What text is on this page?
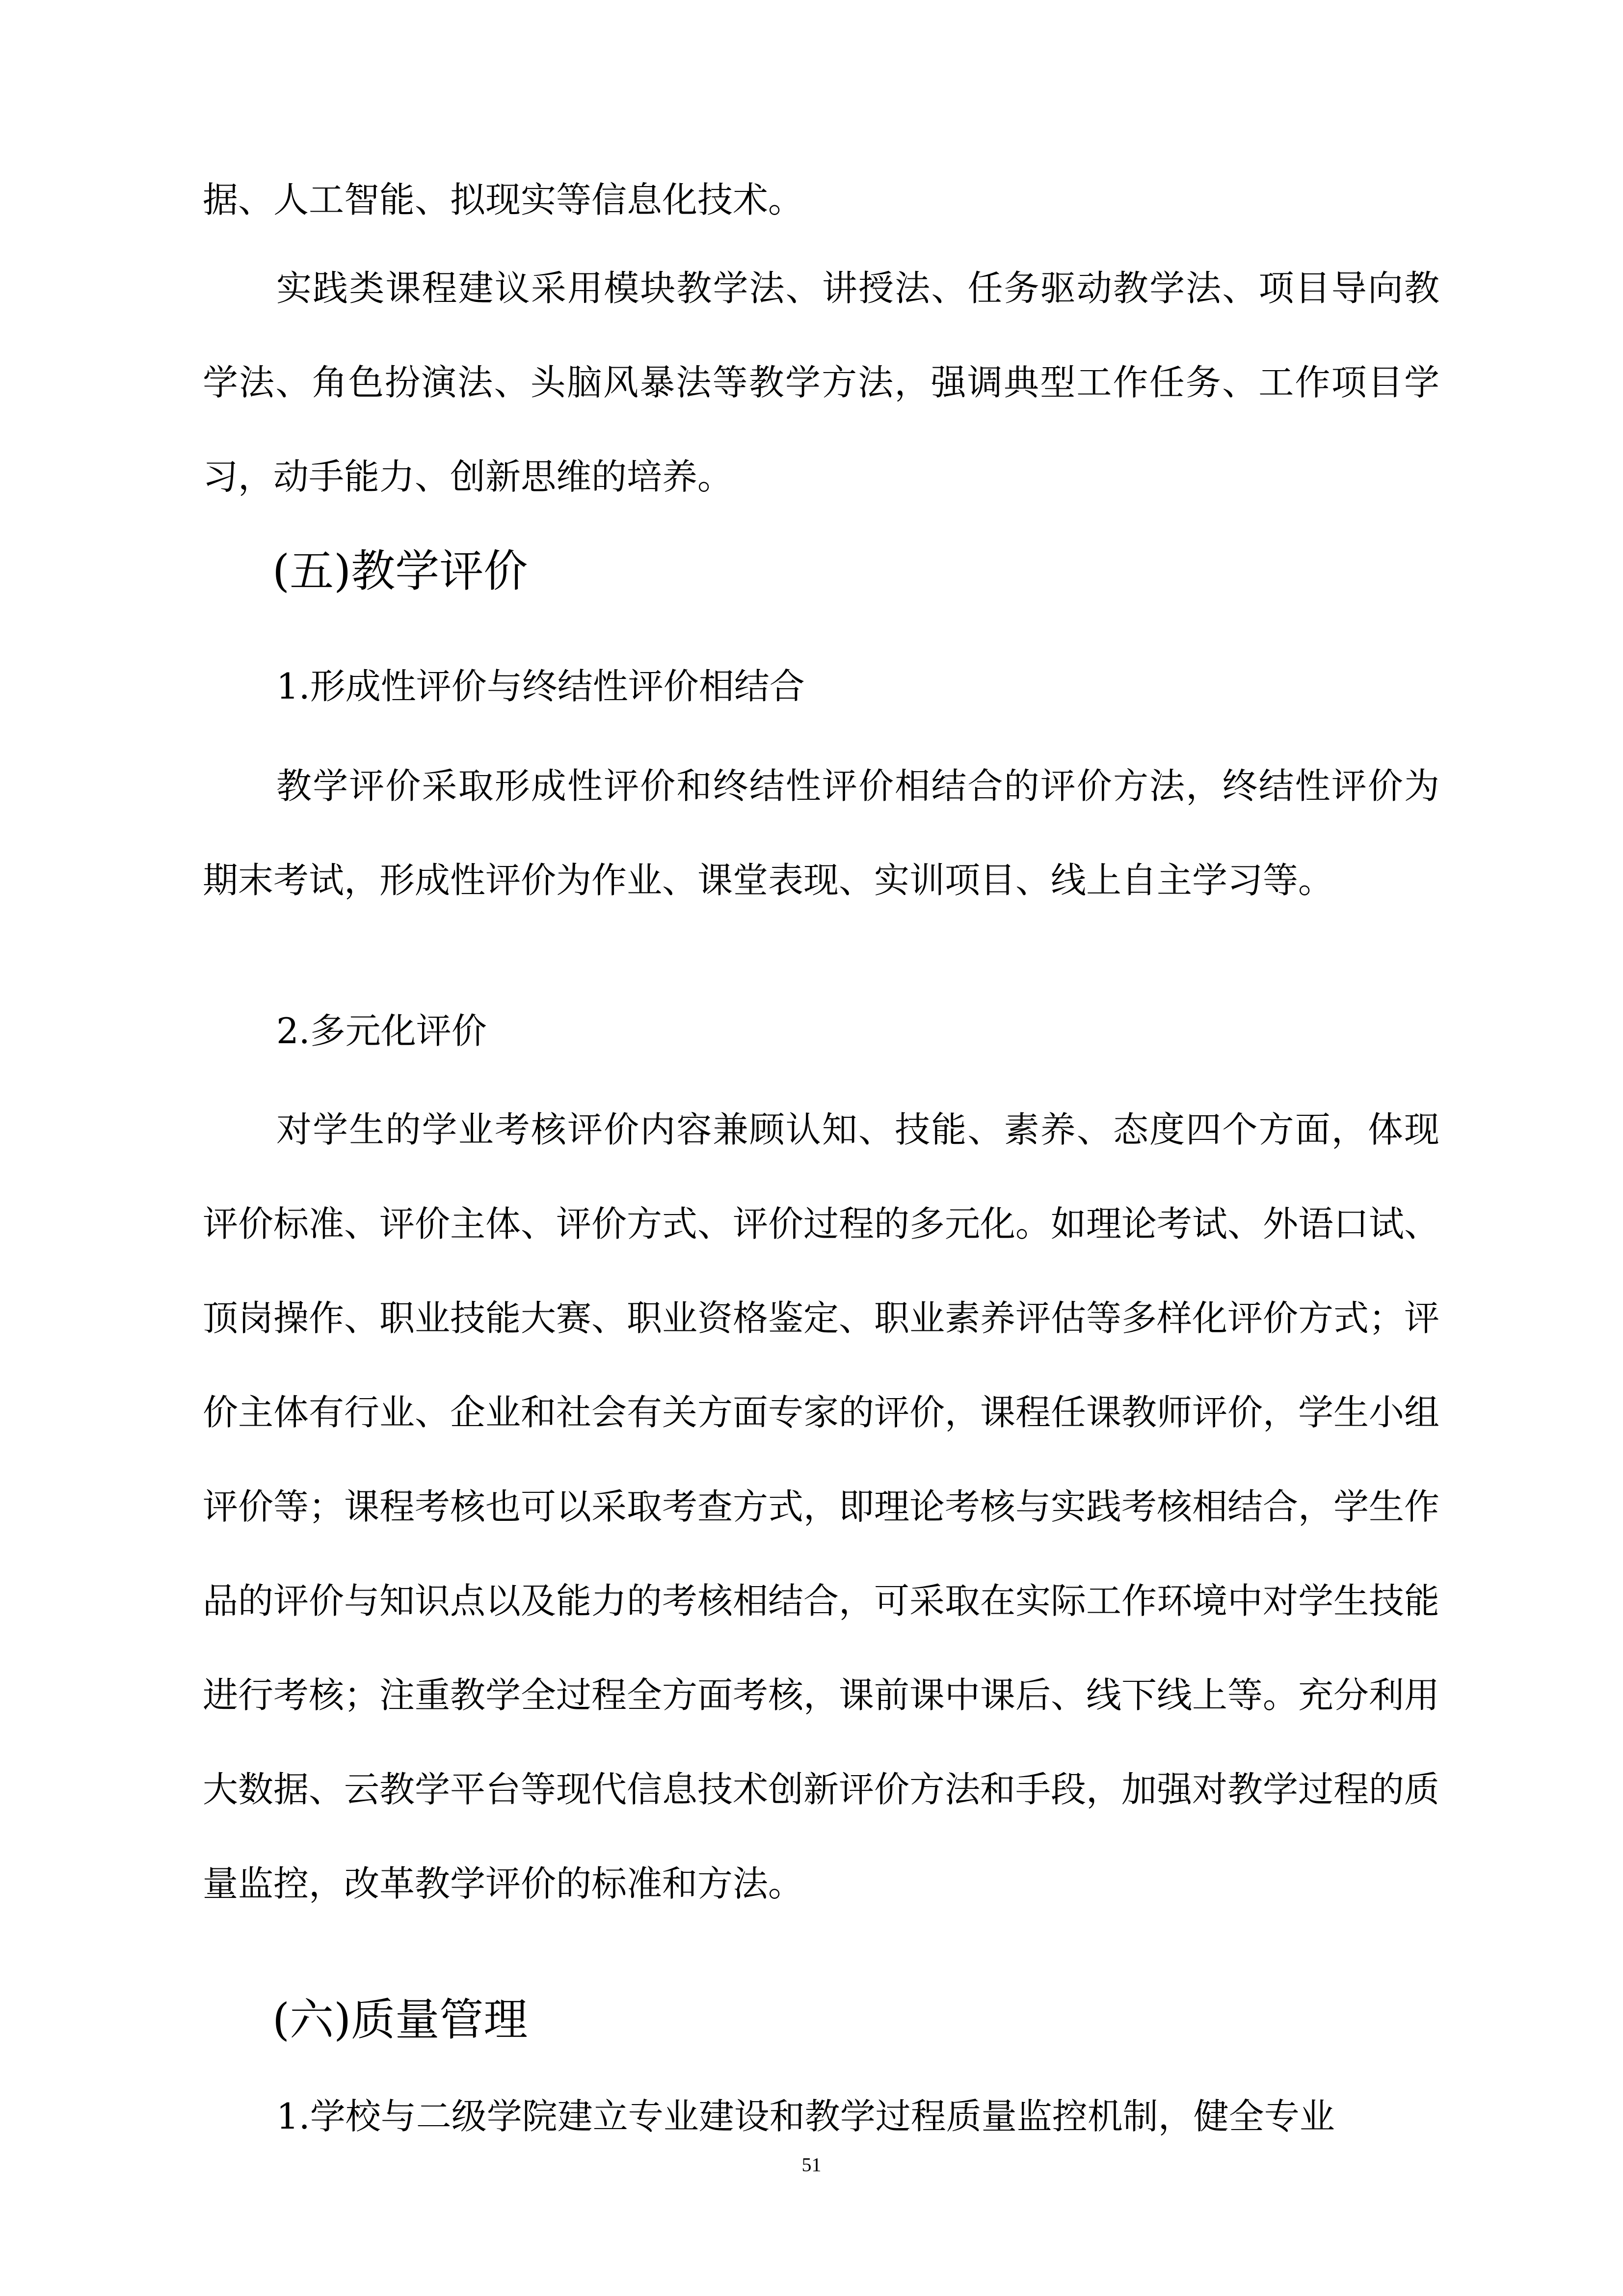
据、人工智能、拟现实等信息化技术。

实践类课程建议采用模块教学法、讲授法、任务驱动教学法、项目导向教学法、角色扮演法、头脑风暴法等教学方法，强调典型工作任务、工作项目学习，动手能力、创新思维的培养。

(五)教学评价
1.形成性评价与终结性评价相结合

教学评价采取形成性评价和终结性评价相结合的评价方法，终结性评价为期末考试，形成性评价为作业、课堂表现、实训项目、线上自主学习等。

2.多元化评价

对学生的学业考核评价内容兼顾认知、技能、素养、态度四个方面，体现评价标准、评价主体、评价方式、评价过程的多元化。如理论考试、外语口试、顶岗操作、职业技能大赛、职业资格鉴定、职业素养评估等多样化评价方式；评价主体有行业、企业和社会有关方面专家的评价，课程任课教师评价，学生小组评价等；课程考核也可以采取考查方式，即理论考核与实践考核相结合，学生作品的评价与知识点以及能力的考核相结合，可采取在实际工作环境中对学生技能进行考核；注重教学全过程全方面考核，课前课中课后、线下线上等。充分利用大数据、云教学平台等现代信息技术创新评价方法和手段，加强对教学过程的质量监控，改革教学评价的标准和方法。

(六)质量管理

1.学校与二级学院建立专业建设和教学过程质量监控机制，健全专业

51
